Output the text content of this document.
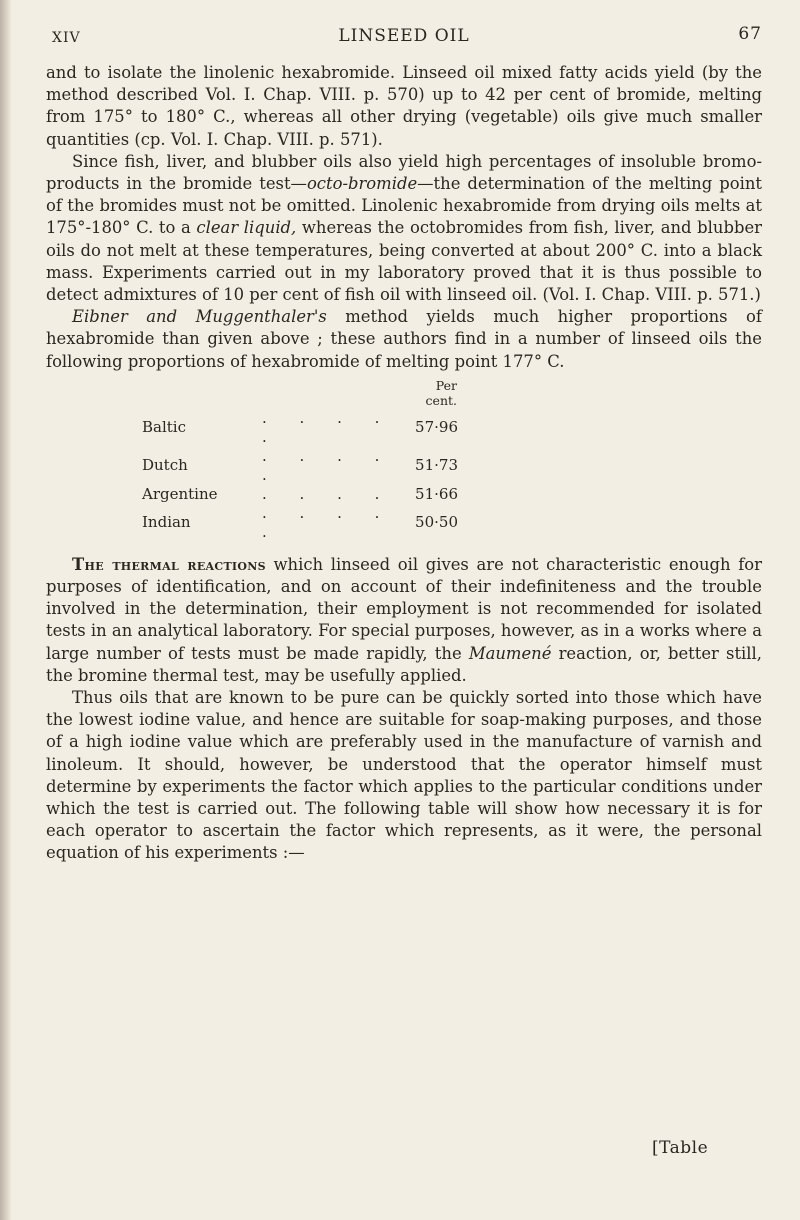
XIV	LINSEED OIL	67

and to isolate the linolenic hexabromide. Linseed oil mixed fatty acids yield (by the method described Vol. I. Chap. VIII. p. 570) up to 42 per cent of bromide, melting from 175° to 180° C., whereas all other drying (vegetable) oils give much smaller quantities (cp. Vol. I. Chap. VIII. p. 571).

Since fish, liver, and blubber oils also yield high percentages of insoluble bromo-products in the bromide test—octo-bromide—the determination of the melting point of the bromides must not be omitted. Linolenic hexabromide from drying oils melts at 175°-180° C. to a clear liquid, whereas the octobromides from fish, liver, and blubber oils do not melt at these temperatures, being converted at about 200° C. into a black mass. Experiments carried out in my laboratory proved that it is thus possible to detect admixtures of 10 per cent of fish oil with linseed oil. (Vol. I. Chap. VIII. p. 571.)

Eibner and Muggenthaler's method yields much higher proportions of hexabromide than given above ; these authors find in a number of linseed oils the following proportions of hexabromide of melting point 177° C.

		Per cent.
Baltic	. . . . .	57·96
Dutch	. . . . .	51·73
Argentine	. . . .	51·66
Indian	. . . . .	50·50

The thermal reactions which linseed oil gives are not characteristic enough for purposes of identification, and on account of their indefiniteness and the trouble involved in the determination, their employment is not recommended for isolated tests in an analytical laboratory. For special purposes, however, as in a works where a large number of tests must be made rapidly, the Maumené reaction, or, better still, the bromine thermal test, may be usefully applied.

Thus oils that are known to be pure can be quickly sorted into those which have the lowest iodine value, and hence are suitable for soap-making purposes, and those of a high iodine value which are preferably used in the manufacture of varnish and linoleum. It should, however, be understood that the operator himself must determine by experiments the factor which applies to the particular conditions under which the test is carried out. The following table will show how necessary it is for each operator to ascertain the factor which represents, as it were, the personal equation of his experiments :—

[Table
